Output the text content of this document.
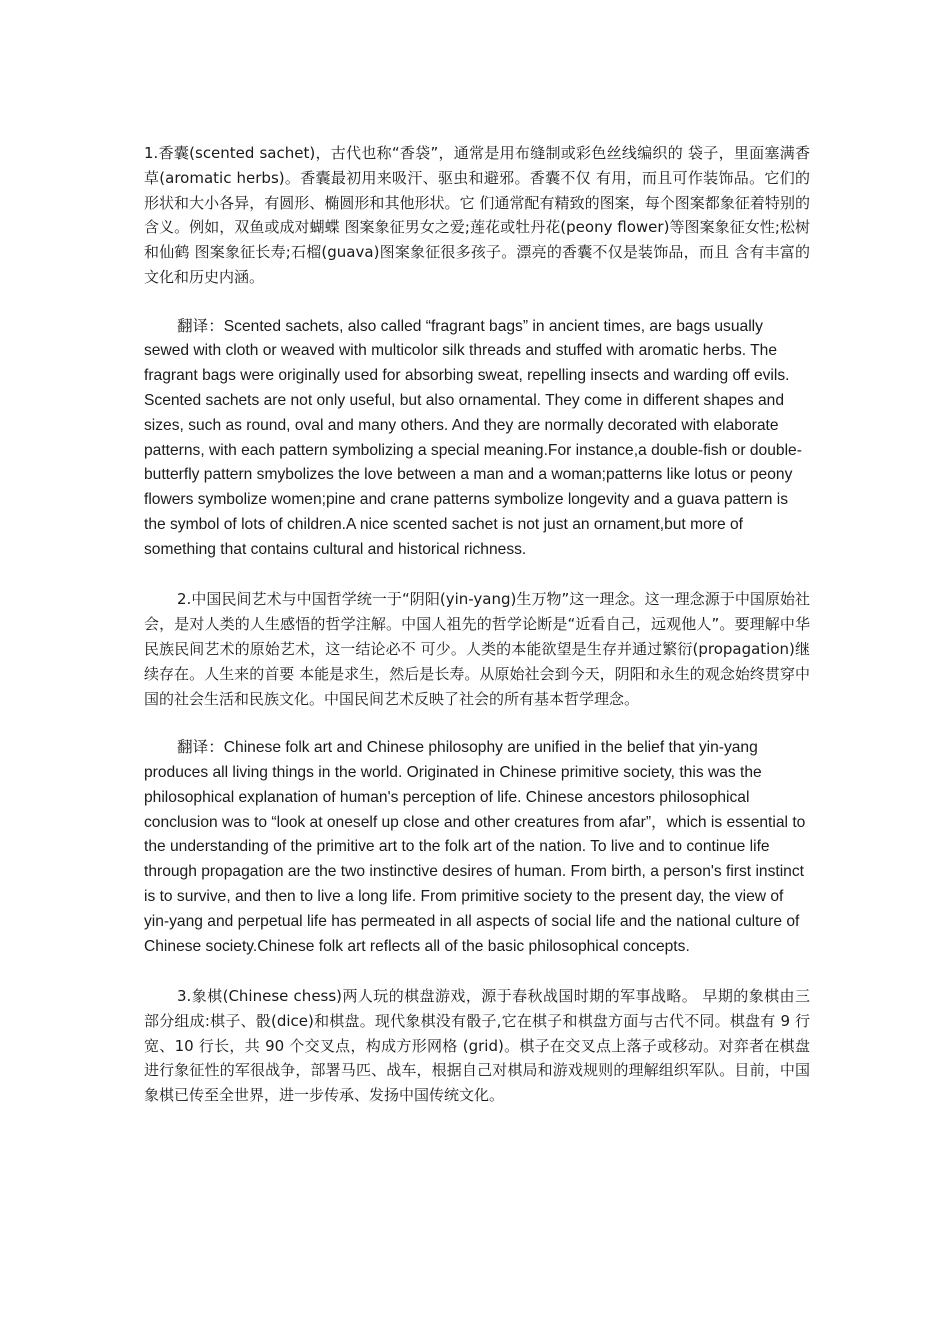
1.香囊(scented sachet)，古代也称“香袋”，通常是用布缝制或彩色丝线编织的 袋子，里面塞满香草(aromatic herbs)。香囊最初用来吸汗、驱虫和避邪。香囊不仅 有用，而且可作装饰品。它们的形状和大小各异，有圆形、椭圆形和其他形状。它 们通常配有精致的图案，每个图案都象征着特别的含义。例如，双鱼或成对蝴蝶 图案象征男女之爱;莲花或牡丹花(peony flower)等图案象征女性;松树和仙鹤 图案象征长寿;石榴(guava)图案象征很多孩子。漂亮的香囊不仅是装饰品，而且 含有丰富的文化和历史内涵。

翻译：Scented sachets, also called “fragrant bags” in ancient times, are bags usually sewed with cloth or weaved with multicolor silk threads and stuffed with aromatic herbs. The fragrant bags were originally used for absorbing sweat, repelling insects and warding off evils. Scented sachets are not only useful, but also ornamental. They come in different shapes and sizes, such as round, oval and many others. And they are normally decorated with elaborate patterns, with each pattern symbolizing a special meaning.For instance,a double-fish or double-butterfly pattern smybolizes the love between a man and a woman;patterns like lotus or peony flowers symbolize women;pine and crane patterns symbolize longevity and a guava pattern is the symbol of lots of children.A nice scented sachet is not just an ornament,but more of something that contains cultural and historical richness.

2.中国民间艺术与中国哲学统一于“阴阳(yin-yang)生万物”这一理念。这一理念源于中国原始社会，是对人类的人生感悟的哲学注解。中国人祖先的哲学论断是“近看自己，远观他人”。要理解中华民族民间艺术的原始艺术，这一结论必不 可少。人类的本能欲望是生存并通过繁衍(propagation)继续存在。人生来的首要 本能是求生，然后是长寿。从原始社会到今天，阴阳和永生的观念始终贯穿中国的社会生活和民族文化。中国民间艺术反映了社会的所有基本哲学理念。

翻译：Chinese folk art and Chinese philosophy are unified in the belief that yin-yang produces all living things in the world. Originated in Chinese primitive society, this was the philosophical explanation of human's perception of life. Chinese ancestors philosophical conclusion was to “look at oneself up close and other creatures from afar”，which is essential to the understanding of the primitive art to the folk art of the nation. To live and to continue life through propagation are the two instinctive desires of human. From birth, a person's first instinct is to survive, and then to live a long life. From primitive society to the present day, the view of yin-yang and perpetual life has permeated in all aspects of social life and the national culture of Chinese society.Chinese folk art reflects all of the basic philosophical concepts.

3.象棋(Chinese chess)两人玩的棋盘游戏，源于春秋战国时期的军事战略。 早期的象棋由三部分组成:棋子、骰(dice)和棋盘。现代象棋没有骰子,它在棋子和棋盘方面与古代不同。棋盘有 9 行宽、10 行长，共 90 个交叉点，构成方形网格 (grid)。棋子在交叉点上落子或移动。对弈者在棋盘进行象征性的军很战争，部署马匹、战车，根据自己对棋局和游戏规则的理解组织军队。目前，中国象棋已传至全世界，进一步传承、发扬中国传统文化。
